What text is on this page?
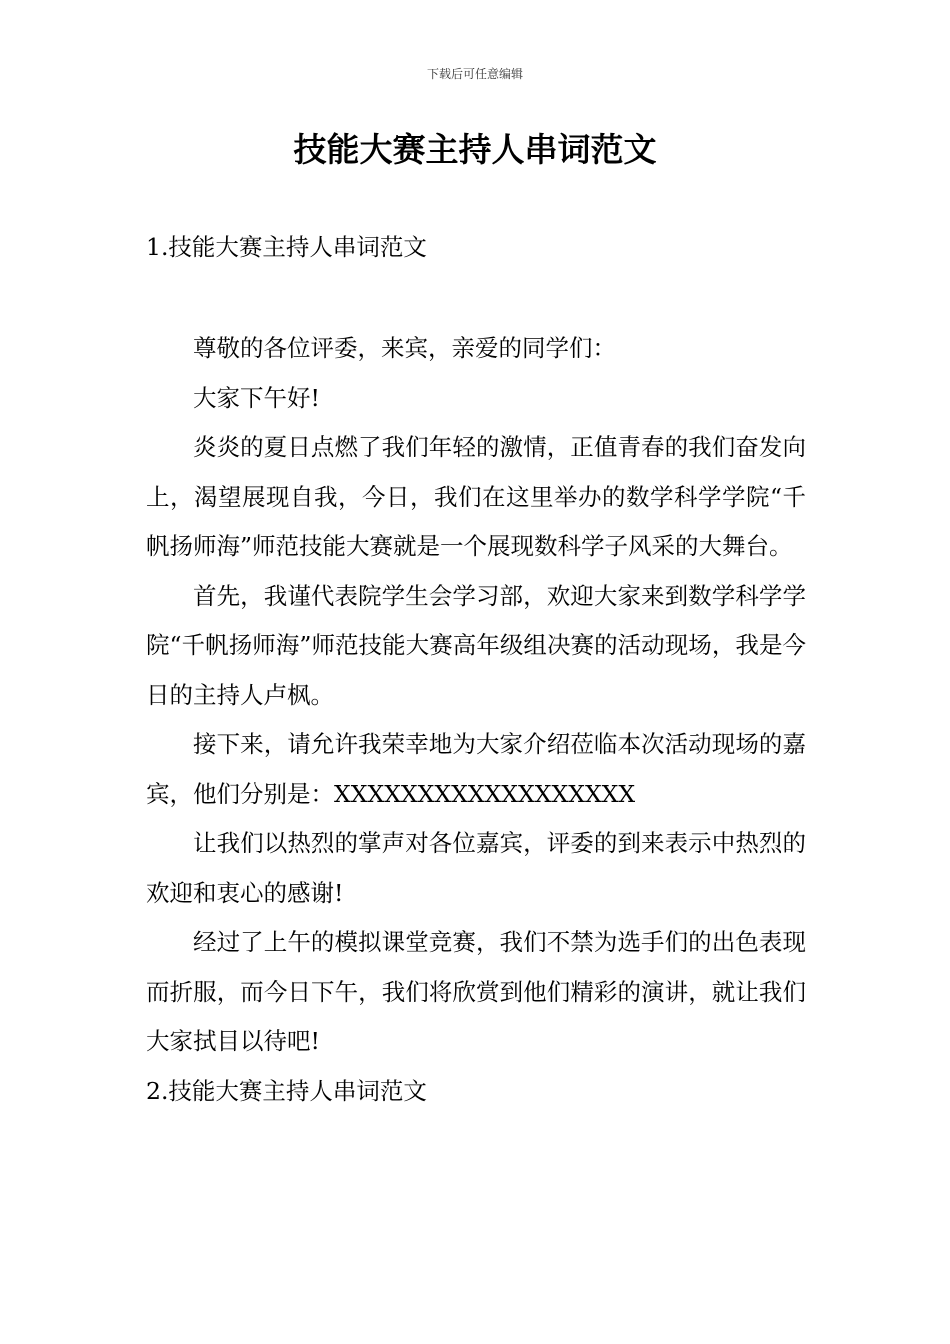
下载后可任意编辑
技能大赛主持人串词范文

1.技能大赛主持人串词范文

尊敬的各位评委，来宾，亲爱的同学们：

大家下午好!

炎炎的夏日点燃了我们年轻的激情，正值青春的我们奋发向上，渴望展现自我，今日，我们在这里举办的数学科学学院“千帆扬师海”师范技能大赛就是一个展现数科学子风采的大舞台。

首先，我谨代表院学生会学习部，欢迎大家来到数学科学学院“千帆扬师海”师范技能大赛高年级组决赛的活动现场，我是今日的主持人卢枫。

接下来，请允许我荣幸地为大家介绍莅临本次活动现场的嘉宾，他们分别是：XXXXXXXXXXXXXXXXXX

让我们以热烈的掌声对各位嘉宾，评委的到来表示中热烈的欢迎和衷心的感谢!

经过了上午的模拟课堂竞赛，我们不禁为选手们的出色表现而折服，而今日下午，我们将欣赏到他们精彩的演讲，就让我们大家拭目以待吧!

2.技能大赛主持人串词范文
